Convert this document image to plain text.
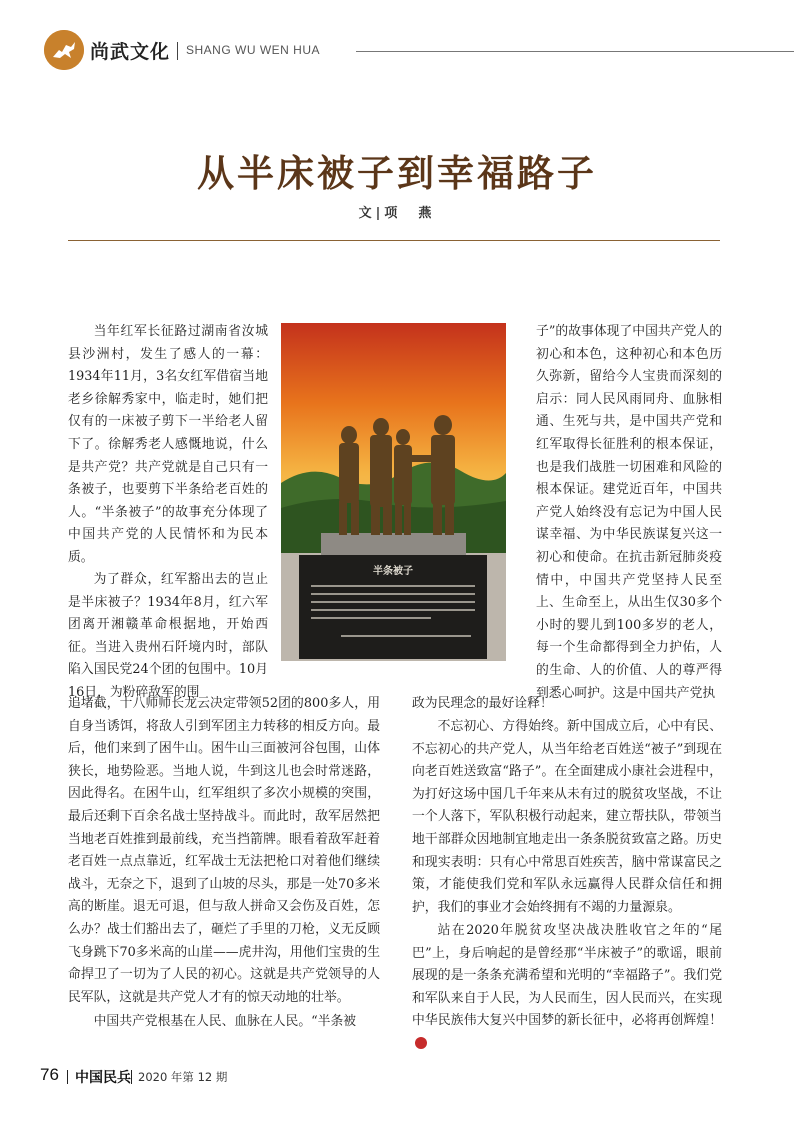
尚武文化 SHANG WU WEN HUA
从半床被子到幸福路子
文|项　燕

当年红军长征路过湖南省汝城县沙洲村，发生了感人的一幕：1934年11月，3名女红军借宿当地老乡徐解秀家中，临走时，她们把仅有的一床被子剪下一半给老人留下了。徐解秀老人感慨地说，什么是共产党？共产党就是自己只有一条被子，也要剪下半条给老百姓的人。“半条被子”的故事充分体现了中国共产党的人民情怀和为民本质。

为了群众，红军豁出去的岂止是半床被子？1934年8月，红六军团离开湘赣革命根据地，开始西征。当进入贵州石阡境内时，部队陷入国民党24个团的包围中。10月16日，为粉碎敌军的围

半条被子

追堵截，十八师师长龙云决定带领52团的800多人，用自身当诱饵，将敌人引到军团主力转移的相反方向。最后，他们来到了困牛山。困牛山三面被河谷包围，山体狭长，地势险恶。当地人说，牛到这儿也会时常迷路，因此得名。在困牛山，红军组织了多次小规模的突围，最后还剩下百余名战士坚持战斗。而此时，敌军居然把当地老百姓推到最前线，充当挡箭牌。眼看着敌军赶着老百姓一点点靠近，红军战士无法把枪口对着他们继续战斗，无奈之下，退到了山坡的尽头，那是一处70多米高的断崖。退无可退，但与敌人拼命又会伤及百姓，怎么办？战士们豁出去了，砸烂了手里的刀枪，义无反顾飞身跳下70多米高的山崖——虎井沟，用他们宝贵的生命捍卫了一切为了人民的初心。这就是共产党领导的人民军队，这就是共产党人才有的惊天动地的壮举。

中国共产党根基在人民、血脉在人民。“半条被

子”的故事体现了中国共产党人的初心和本色，这种初心和本色历久弥新，留给今人宝贵而深刻的启示：同人民风雨同舟、血脉相通、生死与共，是中国共产党和红军取得长征胜利的根本保证，也是我们战胜一切困难和风险的根本保证。建党近百年，中国共产党人始终没有忘记为中国人民谋幸福、为中华民族谋复兴这一初心和使命。在抗击新冠肺炎疫情中，中国共产党坚持人民至上、生命至上，从出生仅30多个小时的婴儿到100多岁的老人，每一个生命都得到全力护佑，人的生命、人的价值、人的尊严得到悉心呵护。这是中国共产党执

政为民理念的最好诠释！

不忘初心、方得始终。新中国成立后，心中有民、不忘初心的共产党人，从当年给老百姓送“被子”到现在向老百姓送致富“路子”。在全面建成小康社会进程中，为打好这场中国几千年来从未有过的脱贫攻坚战，不让一个人落下，军队积极行动起来，建立帮扶队，带领当地干部群众因地制宜地走出一条条脱贫致富之路。历史和现实表明：只有心中常思百姓疾苦，脑中常谋富民之策，才能使我们党和军队永远赢得人民群众信任和拥护，我们的事业才会始终拥有不竭的力量源泉。

站在2020年脱贫攻坚决战决胜收官之年的“尾巴”上，身后响起的是曾经那“半床被子”的歌谣，眼前展现的是一条条充满希望和光明的“幸福路子”。我们党和军队来自于人民，为人民而生，因人民而兴，在实现中华民族伟大复兴中国梦的新长征中，必将再创辉煌！

76 中国民兵 2020 年第 12 期
